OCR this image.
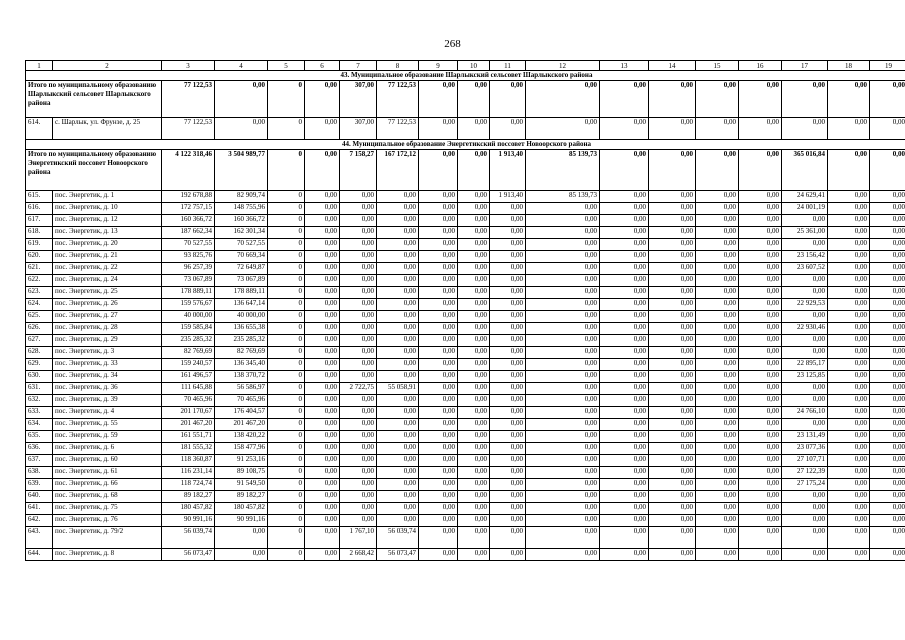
268
1	2	3	4	5	6	7	8	9	10	11	12	13	14	15	16	17	18	19
43. Муниципальное образование Шарлыкский сельсовет Шарлыкского района																		
Итого по муниципальному образованию Шарлыкский сельсовет Шарлыкского района		77 122,53	0,00	0	0,00	307,00	77 122,53	0,00	0,00	0,00	0,00	0,00	0,00	0,00	0,00	0,00	0,00	0,00
614.	с. Шарлык, ул. Фрунзе, д. 25	77 122,53	0,00	0	0,00	307,00	77 122,53	0,00	0,00	0,00	0,00	0,00	0,00	0,00	0,00	0,00	0,00	0,00
44. Муниципальное образование Энергетикский поссовет Новоорского района																		
Итого по муниципальному образованию Энергетикский поссовет Новоорского района		4 122 318,46	3 504 989,77	0	0,00	7 158,27	167 172,12	0,00	0,00	1 913,40	85 139,73	0,00	0,00	0,00	0,00	365 016,84	0,00	0,00
615.	пос. Энергетик, д. 1	192 678,88	82 909,74	0	0,00	0,00	0,00	0,00	0,00	1 913,40	85 139,73	0,00	0,00	0,00	0,00	24 629,41	0,00	0,00
616.	пос. Энергетик, д. 10	172 757,15	148 755,96	0	0,00	0,00	0,00	0,00	0,00	0,00	0,00	0,00	0,00	0,00	0,00	24 001,19	0,00	0,00
617.	пос. Энергетик, д. 12	160 366,72	160 366,72	0	0,00	0,00	0,00	0,00	0,00	0,00	0,00	0,00	0,00	0,00	0,00	0,00	0,00	0,00
618.	пос. Энергетик, д. 13	187 662,34	162 301,34	0	0,00	0,00	0,00	0,00	0,00	0,00	0,00	0,00	0,00	0,00	0,00	25 361,00	0,00	0,00
619.	пос. Энергетик, д. 20	70 527,55	70 527,55	0	0,00	0,00	0,00	0,00	0,00	0,00	0,00	0,00	0,00	0,00	0,00	0,00	0,00	0,00
620.	пос. Энергетик, д. 21	93 825,76	70 669,34	0	0,00	0,00	0,00	0,00	0,00	0,00	0,00	0,00	0,00	0,00	0,00	23 156,42	0,00	0,00
621.	пос. Энергетик, д. 22	96 257,39	72 649,87	0	0,00	0,00	0,00	0,00	0,00	0,00	0,00	0,00	0,00	0,00	0,00	23 607,52	0,00	0,00
622.	пос. Энергетик, д. 24	73 067,89	73 067,89	0	0,00	0,00	0,00	0,00	0,00	0,00	0,00	0,00	0,00	0,00	0,00	0,00	0,00	0,00
623.	пос. Энергетик, д. 25	178 889,11	178 889,11	0	0,00	0,00	0,00	0,00	0,00	0,00	0,00	0,00	0,00	0,00	0,00	0,00	0,00	0,00
624.	пос. Энергетик, д. 26	159 576,67	136 647,14	0	0,00	0,00	0,00	0,00	0,00	0,00	0,00	0,00	0,00	0,00	0,00	22 929,53	0,00	0,00
625.	пос. Энергетик, д. 27	40 000,00	40 000,00	0	0,00	0,00	0,00	0,00	0,00	0,00	0,00	0,00	0,00	0,00	0,00	0,00	0,00	0,00
626.	пос. Энергетик, д. 28	159 585,84	136 655,38	0	0,00	0,00	0,00	0,00	0,00	0,00	0,00	0,00	0,00	0,00	0,00	22 930,46	0,00	0,00
627.	пос. Энергетик, д. 29	235 285,32	235 285,32	0	0,00	0,00	0,00	0,00	0,00	0,00	0,00	0,00	0,00	0,00	0,00	0,00	0,00	0,00
628.	пос. Энергетик, д. 3	82 769,69	82 769,69	0	0,00	0,00	0,00	0,00	0,00	0,00	0,00	0,00	0,00	0,00	0,00	0,00	0,00	0,00
629.	пос. Энергетик, д. 33	159 240,57	136 345,40	0	0,00	0,00	0,00	0,00	0,00	0,00	0,00	0,00	0,00	0,00	0,00	22 895,17	0,00	0,00
630.	пос. Энергетик, д. 34	161 496,57	138 370,72	0	0,00	0,00	0,00	0,00	0,00	0,00	0,00	0,00	0,00	0,00	0,00	23 125,85	0,00	0,00
631.	пос. Энергетик, д. 36	111 645,88	56 586,97	0	0,00	2 722,75	55 058,91	0,00	0,00	0,00	0,00	0,00	0,00	0,00	0,00	0,00	0,00	0,00
632.	пос. Энергетик, д. 39	70 465,96	70 465,96	0	0,00	0,00	0,00	0,00	0,00	0,00	0,00	0,00	0,00	0,00	0,00	0,00	0,00	0,00
633.	пос. Энергетик, д. 4	201 170,67	176 404,57	0	0,00	0,00	0,00	0,00	0,00	0,00	0,00	0,00	0,00	0,00	0,00	24 766,10	0,00	0,00
634.	пос. Энергетик, д. 55	201 467,20	201 467,20	0	0,00	0,00	0,00	0,00	0,00	0,00	0,00	0,00	0,00	0,00	0,00	0,00	0,00	0,00
635.	пос. Энергетик, д. 59	161 551,71	138 420,22	0	0,00	0,00	0,00	0,00	0,00	0,00	0,00	0,00	0,00	0,00	0,00	23 131,49	0,00	0,00
636.	пос. Энергетик, д. 6	181 555,32	158 477,96	0	0,00	0,00	0,00	0,00	0,00	0,00	0,00	0,00	0,00	0,00	0,00	23 077,36	0,00	0,00
637.	пос. Энергетик, д. 60	118 360,87	91 253,16	0	0,00	0,00	0,00	0,00	0,00	0,00	0,00	0,00	0,00	0,00	0,00	27 107,71	0,00	0,00
638.	пос. Энергетик, д. 61	116 231,14	89 108,75	0	0,00	0,00	0,00	0,00	0,00	0,00	0,00	0,00	0,00	0,00	0,00	27 122,39	0,00	0,00
639.	пос. Энергетик, д. 66	118 724,74	91 549,50	0	0,00	0,00	0,00	0,00	0,00	0,00	0,00	0,00	0,00	0,00	0,00	27 175,24	0,00	0,00
640.	пос. Энергетик, д. 68	89 182,27	89 182,27	0	0,00	0,00	0,00	0,00	0,00	0,00	0,00	0,00	0,00	0,00	0,00	0,00	0,00	0,00
641.	пос. Энергетик, д. 75	180 457,82	180 457,82	0	0,00	0,00	0,00	0,00	0,00	0,00	0,00	0,00	0,00	0,00	0,00	0,00	0,00	0,00
642.	пос. Энергетик, д. 76	90 991,16	90 991,16	0	0,00	0,00	0,00	0,00	0,00	0,00	0,00	0,00	0,00	0,00	0,00	0,00	0,00	0,00
643.	пос. Энергетик, д. 79/2	56 039,74	0,00	0	0,00	1 767,10	56 039,74	0,00	0,00	0,00	0,00	0,00	0,00	0,00	0,00	0,00	0,00	0,00
644.	пос. Энергетик, д. 8	56 073,47	0,00	0	0,00	2 668,42	56 073,47	0,00	0,00	0,00	0,00	0,00	0,00	0,00	0,00	0,00	0,00	0,00
